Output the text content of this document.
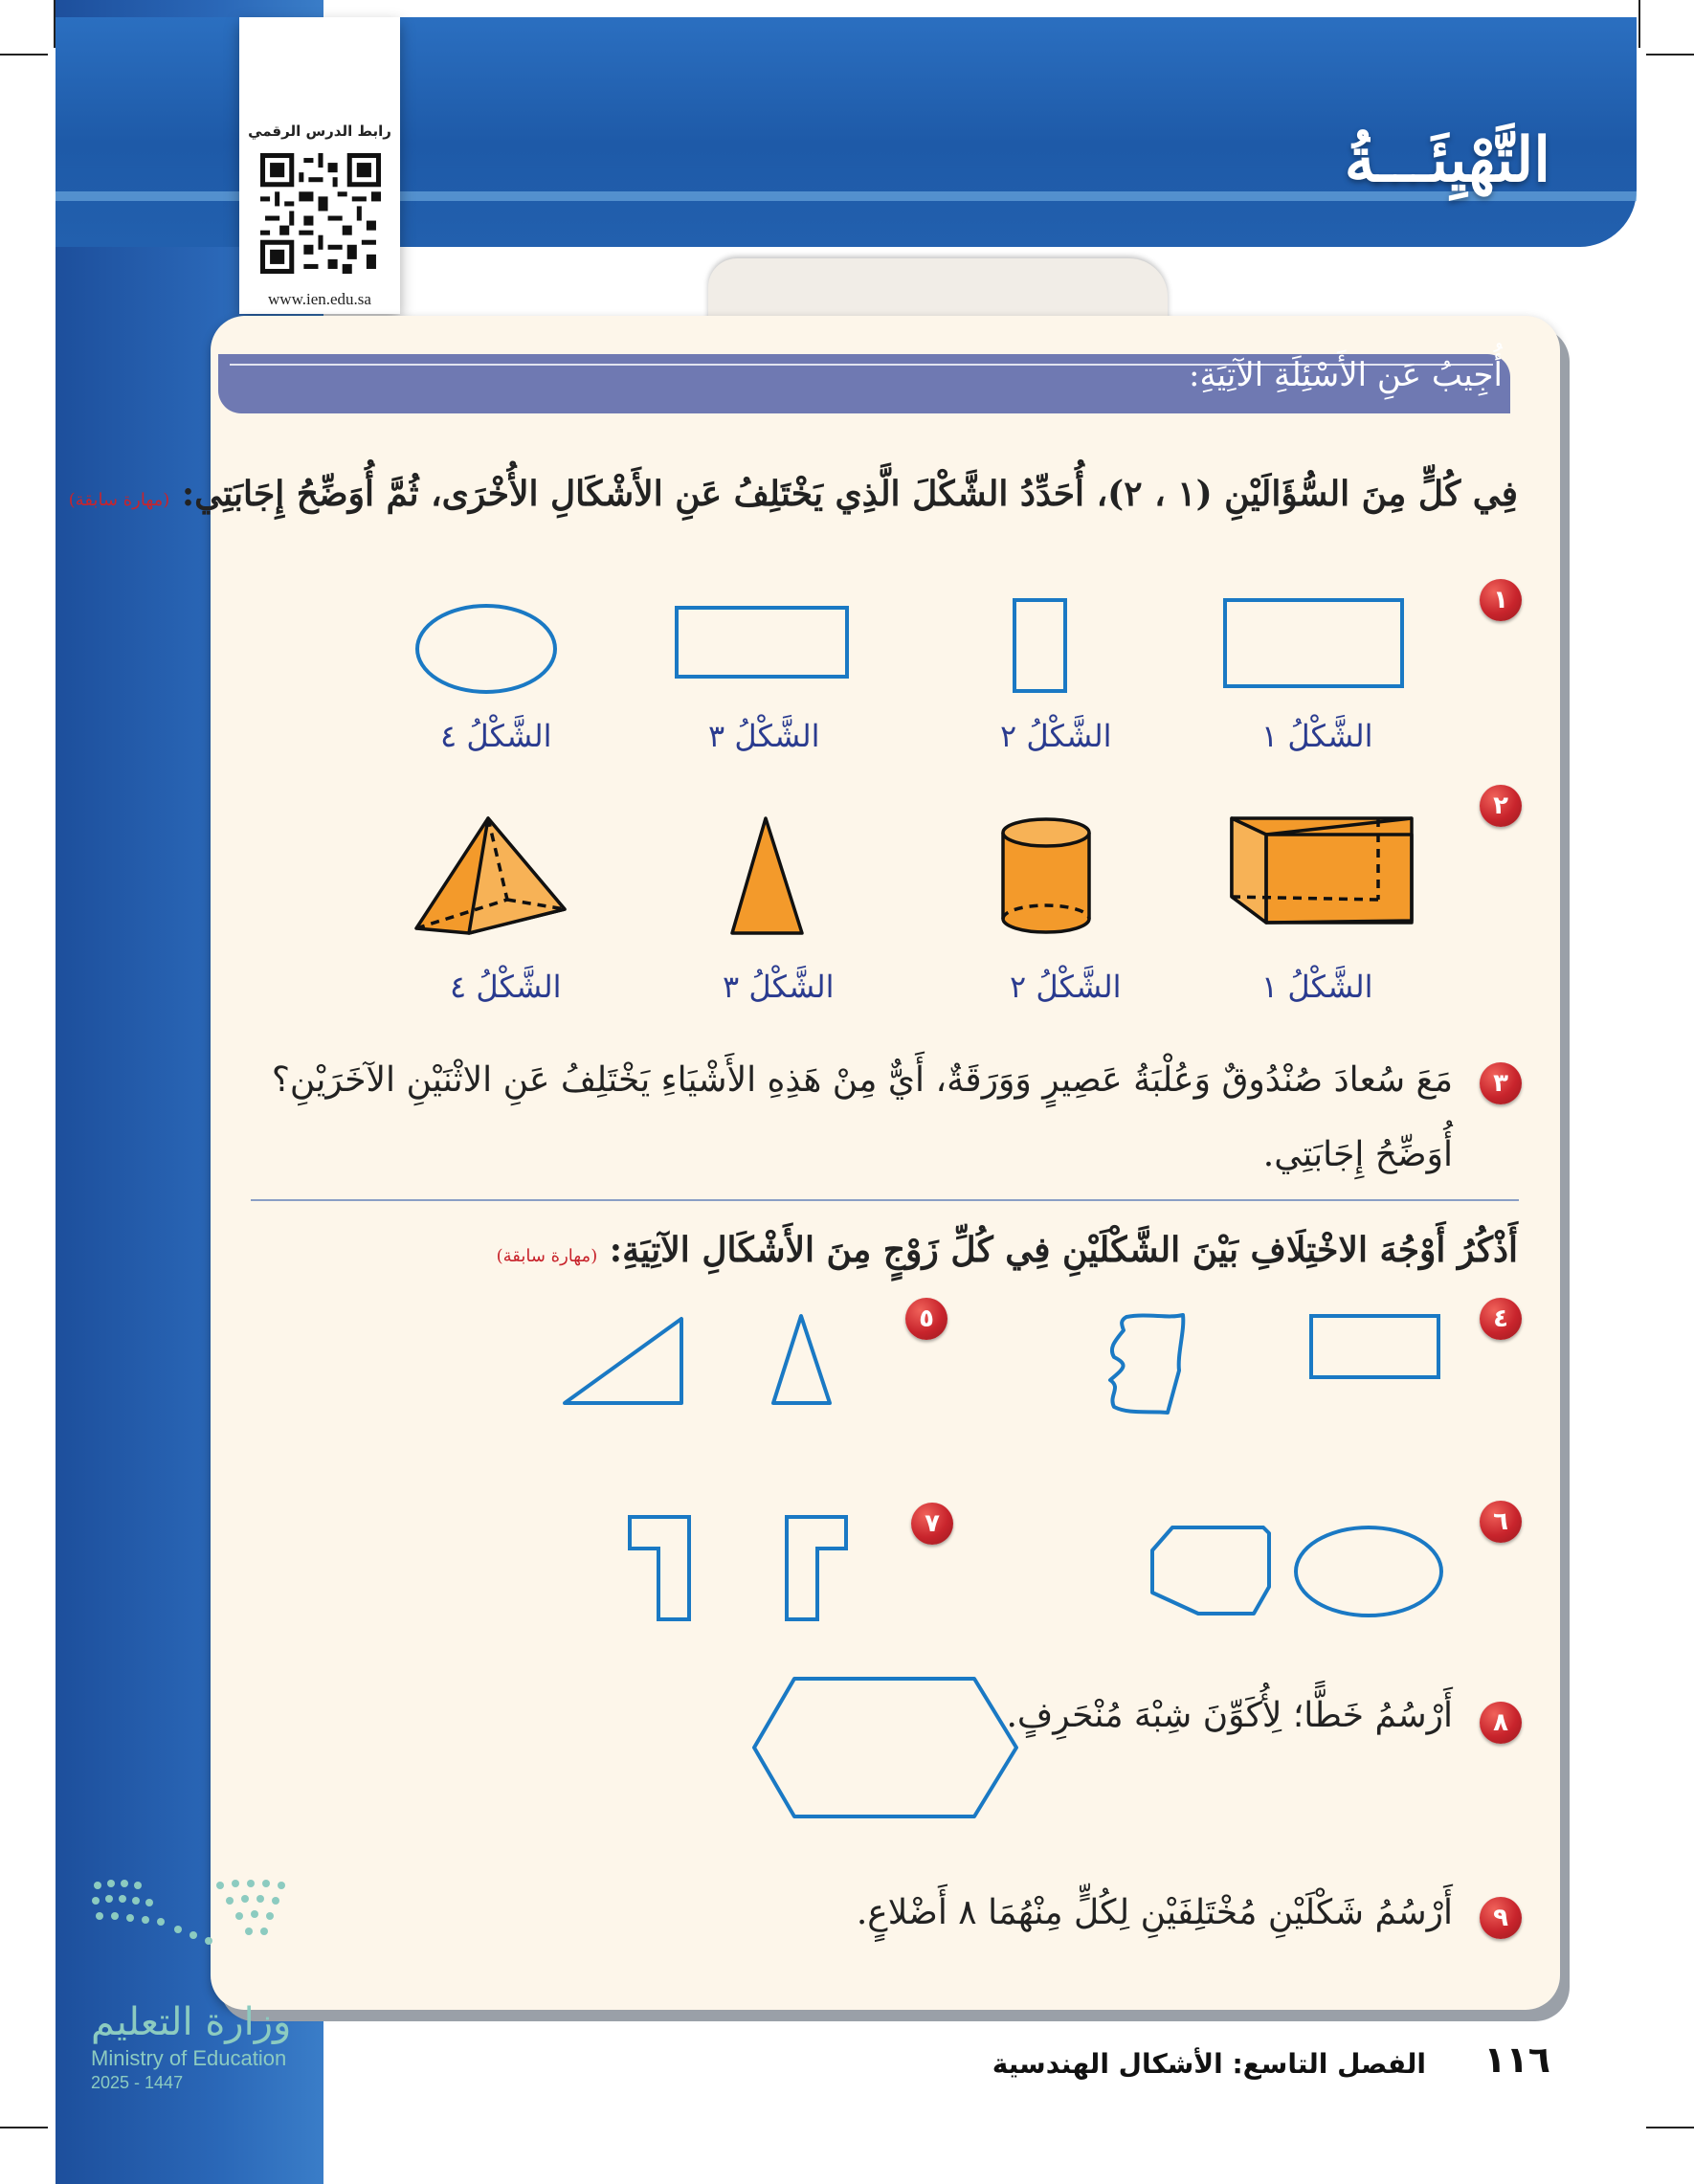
التَّهْيِئَـــةُ
رابط الدرس الرقمي
www.ien.edu.sa
أُجِيبُ عَنِ الأَسْئِلَةِ الآتِيَةِ:
فِي كُلٍّ مِنَ السُّؤَالَيْنِ (١ ، ٢)، أُحَدِّدُ الشَّكْلَ الَّذِي يَخْتَلِفُ عَنِ الأَشْكَالِ الأُخْرَى، ثُمَّ أُوَضِّحُ إِجَابَتِي: (مهارة سابقة)
١
الشَّكْلُ ٤	الشَّكْلُ ٣	الشَّكْلُ ٢	الشَّكْلُ ١
٢
الشَّكْلُ ٤	الشَّكْلُ ٣	الشَّكْلُ ٢	الشَّكْلُ ١
٣
مَعَ سُعادَ صُنْدُوقٌ وَعُلْبَةُ عَصِيرٍ وَوَرَقَةٌ، أَيٌّ مِنْ هَذِهِ الأَشْيَاءِ يَخْتَلِفُ عَنِ الاثْنَيْنِ الآخَرَيْنِ؟
أُوَضِّحُ إِجَابَتِي.
أَذْكُرُ أَوْجُهَ الاخْتِلَافِ بَيْنَ الشَّكْلَيْنِ فِي كُلِّ زَوْجٍ مِنَ الأَشْكَالِ الآتِيَةِ: (مهارة سابقة)
٤
٥
٦
٧
٨
أَرْسُمُ خَطًّا؛ لِأُكَوِّنَ شِبْهَ مُنْحَرِفٍ.
٩
أَرْسُمُ شَكْلَيْنِ مُخْتَلِفَيْنِ لِكُلٍّ مِنْهُمَا ٨ أَضْلاعٍ.
الفصل التاسع: الأشكال الهندسية ١١٦
وزارة التعليم
Ministry of Education
2025 - 1447
